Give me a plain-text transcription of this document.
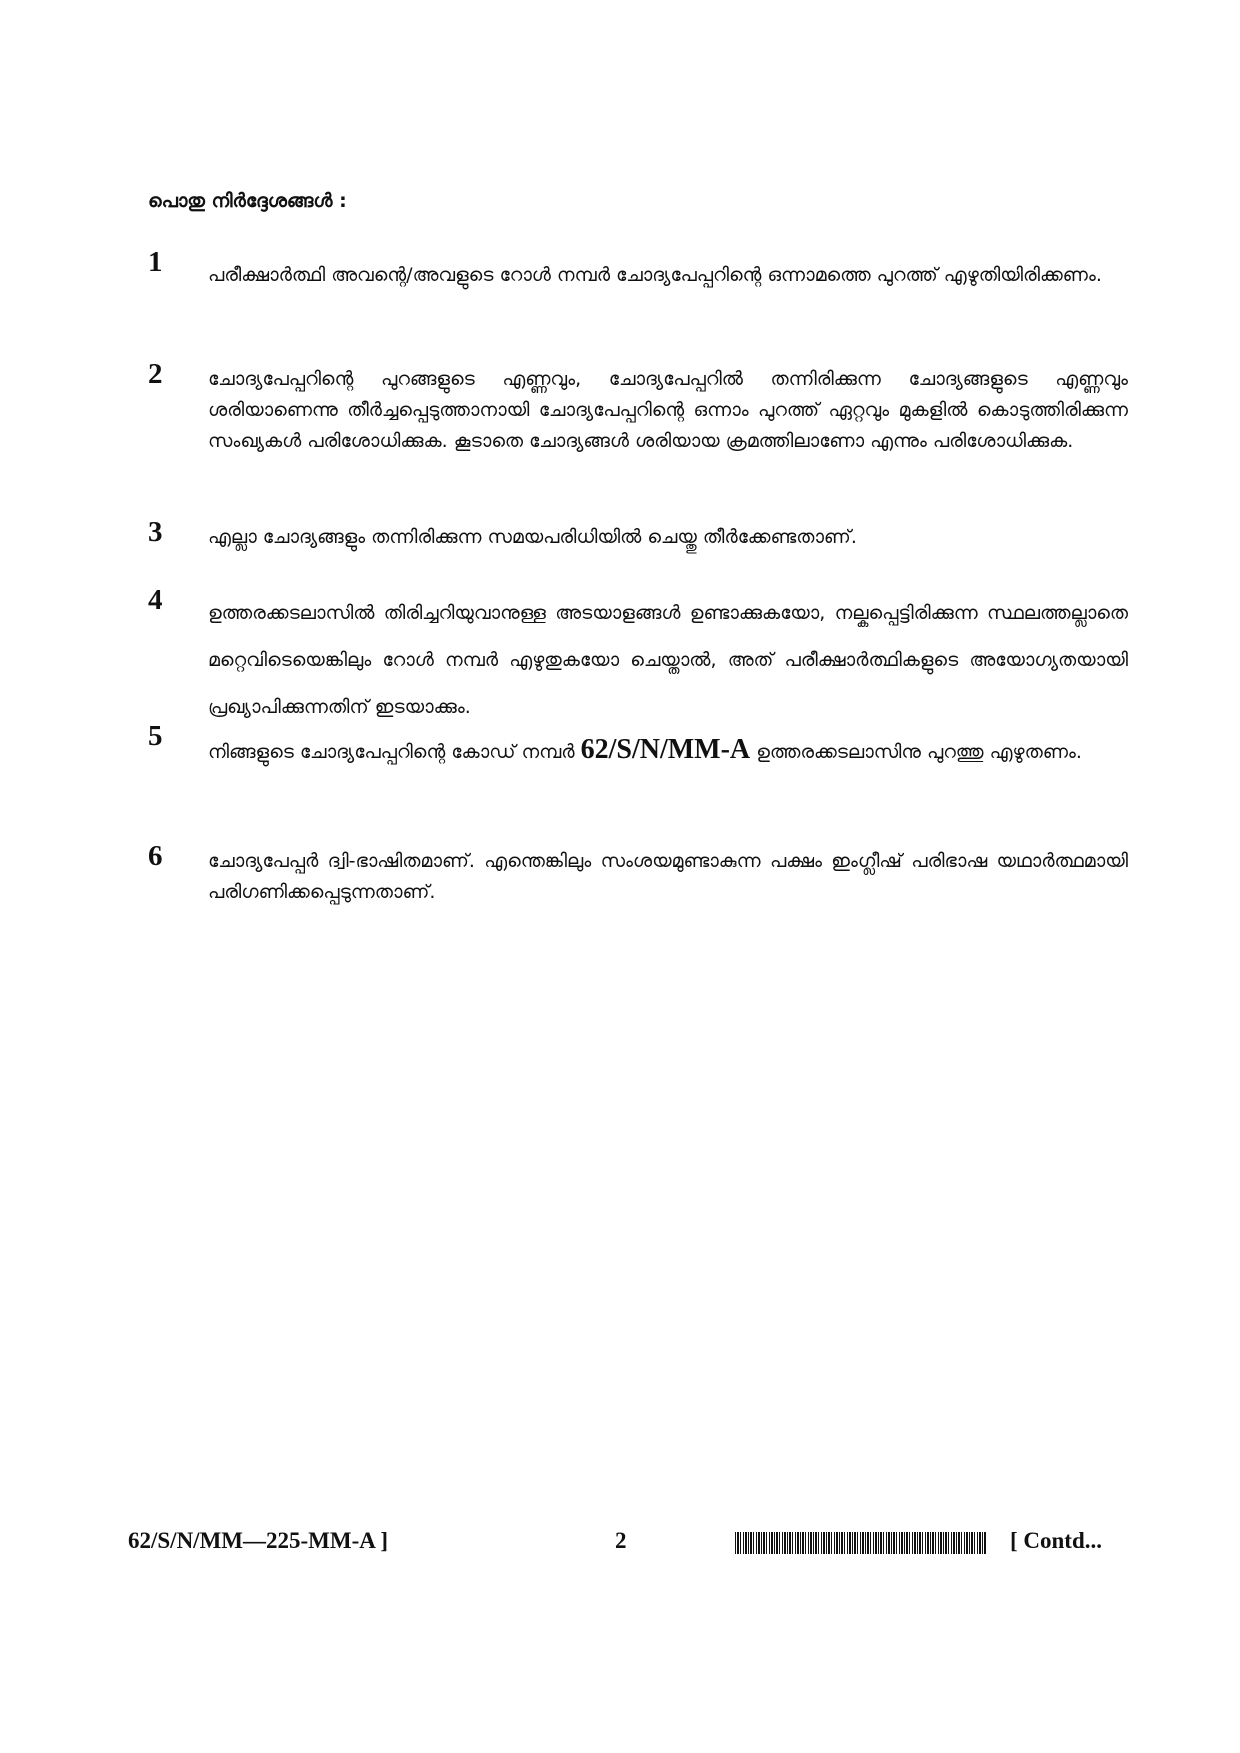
പൊതു നിർദ്ദേശങ്ങൾ :
1 പരീക്ഷാർത്ഥി അവന്റെ/അവളുടെ റോൾ നമ്പർ ചോദ്യപേപ്പറിന്റെ ഒന്നാമത്തെ പുറത്ത് എഴുതിയിരിക്കണം.
2 ചോദ്യപേപ്പറിന്റെ പുറങ്ങളുടെ എണ്ണവും, ചോദ്യപേപ്പറിൽ തന്നിരിക്കുന്ന ചോദ്യങ്ങളുടെ എണ്ണവും ശരിയാണെന്നു തീർച്ചപ്പെടുത്താനായി ചോദ്യപേപ്പറിന്റെ ഒന്നാം പുറത്ത് ഏറ്റവും മുകളിൽ കൊടുത്തിരിക്കുന്ന സംഖ്യകൾ പരിശോധിക്കുക. കൂടാതെ ചോദ്യങ്ങൾ ശരിയായ ക്രമത്തിലാണോ എന്നും പരിശോധിക്കുക.
3 എല്ലാ ചോദ്യങ്ങളും തന്നിരിക്കുന്ന സമയപരിധിയിൽ ചെയ്തു തീർക്കേണ്ടതാണ്.
4 ഉത്തരക്കടലാസിൽ തിരിച്ചറിയുവാനുള്ള അടയാളങ്ങൾ ഉണ്ടാക്കുകയോ, നല്കപ്പെട്ടിരിക്കുന്ന സ്ഥലത്തല്ലാതെ മറ്റെവിടെയെങ്കിലും റോൾ നമ്പർ എഴുതുകയോ ചെയ്താൽ, അത് പരീക്ഷാർത്ഥികളുടെ അയോഗ്യതയായി പ്രഖ്യാപിക്കുന്നതിന് ഇടയാക്കും.
5 നിങ്ങളുടെ ചോദ്യപേപ്പറിന്റെ കോഡ് നമ്പർ 62/S/N/MM-A ഉത്തരക്കടലാസിനു പുറത്തു എഴുതണം.
6 ചോദ്യപേപ്പർ ദ്വി-ഭാഷിതമാണ്. എന്തെങ്കിലും സംശയമുണ്ടാകുന്ന പക്ഷം ഇംഗ്ലീഷ് പരിഭാഷ യഥാർത്ഥമായി പരിഗണിക്കപ്പെടുന്നതാണ്.
62/S/N/MM—225-MM-A ]	2	[ Contd...
